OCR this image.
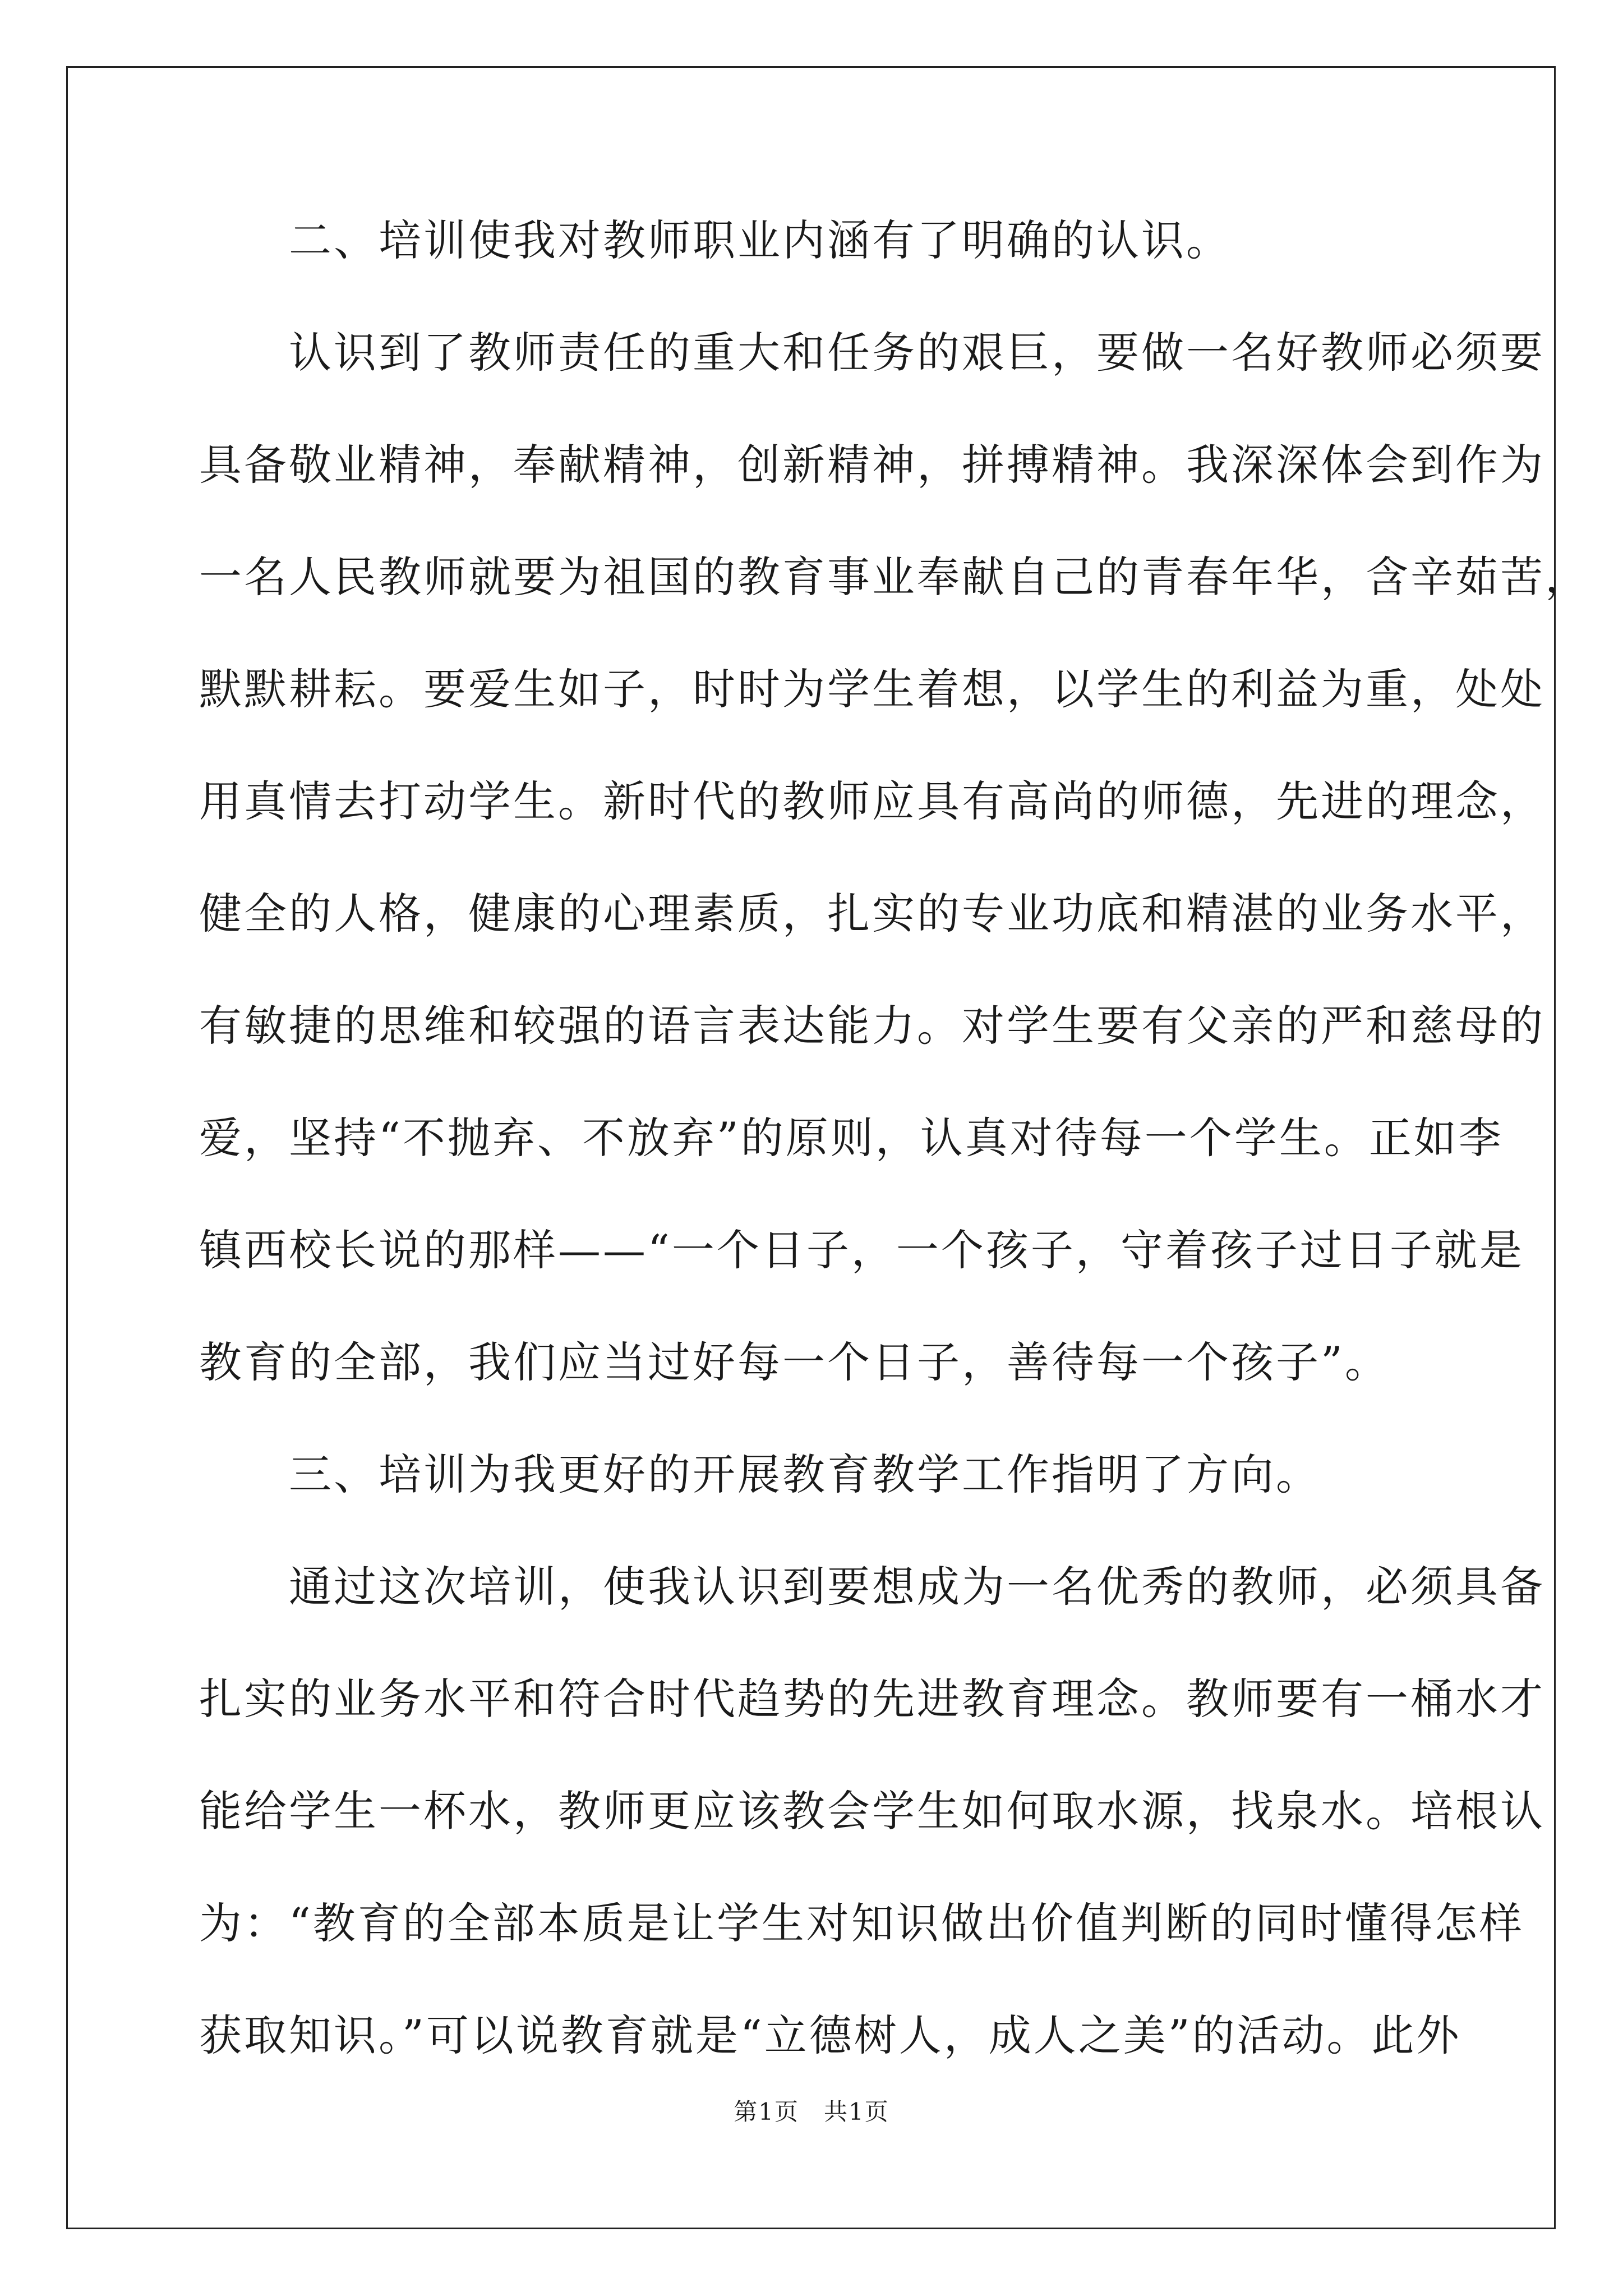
　　二、培训使我对教师职业内涵有了明确的认识。
　　认识到了教师责任的重大和任务的艰巨，要做一名好教师必须要
具备敬业精神，奉献精神，创新精神，拼搏精神。我深深体会到作为
一名人民教师就要为祖国的教育事业奉献自己的青春年华，含辛茹苦，
默默耕耘。要爱生如子，时时为学生着想，以学生的利益为重，处处
用真情去打动学生。新时代的教师应具有高尚的师德，先进的理念，
健全的人格，健康的心理素质，扎实的专业功底和精湛的业务水平，
有敏捷的思维和较强的语言表达能力。对学生要有父亲的严和慈母的
爱，坚持“不抛弃、不放弃”的原则，认真对待每一个学生。正如李
镇西校长说的那样——“一个日子，一个孩子，守着孩子过日子就是
教育的全部，我们应当过好每一个日子，善待每一个孩子”。
　　三、培训为我更好的开展教育教学工作指明了方向。
　　通过这次培训，使我认识到要想成为一名优秀的教师，必须具备
扎实的业务水平和符合时代趋势的先进教育理念。教师要有一桶水才
能给学生一杯水，教师更应该教会学生如何取水源，找泉水。培根认
为：“教育的全部本质是让学生对知识做出价值判断的同时懂得怎样
获取知识。”可以说教育就是“立德树人，成人之美”的活动。此外
第1页　共1页
